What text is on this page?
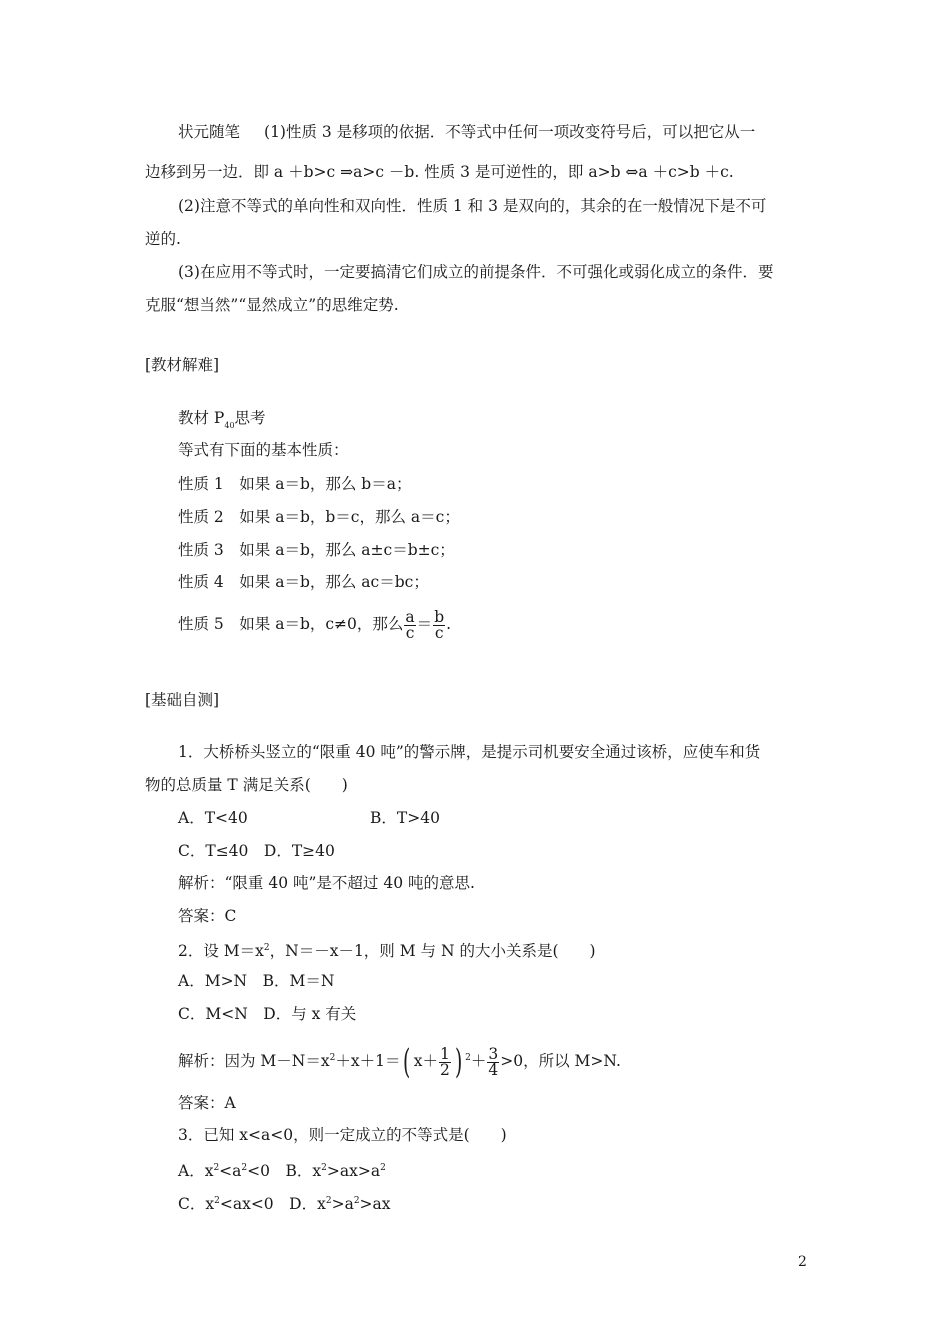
状元随笔 (1)性质 3 是移项的依据．不等式中任何一项改变符号后，可以把它从一
边移到另一边．即 a ＋b>c ⇒a>c －b. 性质 3 是可逆性的，即 a>b ⇔a ＋c>b ＋c.
(2)注意不等式的单向性和双向性．性质 1 和 3 是双向的，其余的在一般情况下是不可
逆的.
(3)在应用不等式时，一定要搞清它们成立的前提条件．不可强化或弱化成立的条件．要
克服“想当然”“显然成立”的思维定势.
[教材解难]
教材 $P_{40}$思考
等式有下面的基本性质：
性质 1　如果 a＝b，那么 b＝a；
性质 2　如果 a＝b，b＝c，那么 a＝c；
性质 3　如果 a＝b，那么 a±c＝b±c；
性质 4　如果 a＝b，那么 ac＝bc；
性质 5　如果 a＝b，c≠0，那么 $\frac{a}{c} = \frac{b}{c}$ .
[基础自测]
1．大桥桥头竖立的“限重 40 吨”的警示牌，是提示司机要安全通过该桥，应使车和货
物的总质量 T 满足关系(　　)
A．T<40	B．T>40
C．T≤40　D．T≥40
解析：“限重 40 吨”是不超过 40 吨的意思.
答案：C
2．设 $M=x^2$，N＝－x－1，则 M 与 N 的大小关系是(　　)
A．M>N　B．M＝N
C．M<N　D．与 x 有关
解析：因为 $M-N=x^2+x+1=$( $x+ \frac{1}{2}$ ) $^2+ \frac{3}{4} >0$，所以 M>N.
答案：A
3．已知 x<a<0，则一定成立的不等式是(　　)
A．$x^2<a^2<0$　B．$x^2>ax>a^2$
C．$x^2<ax<0$　D．$x^2>a^2>ax$
2
